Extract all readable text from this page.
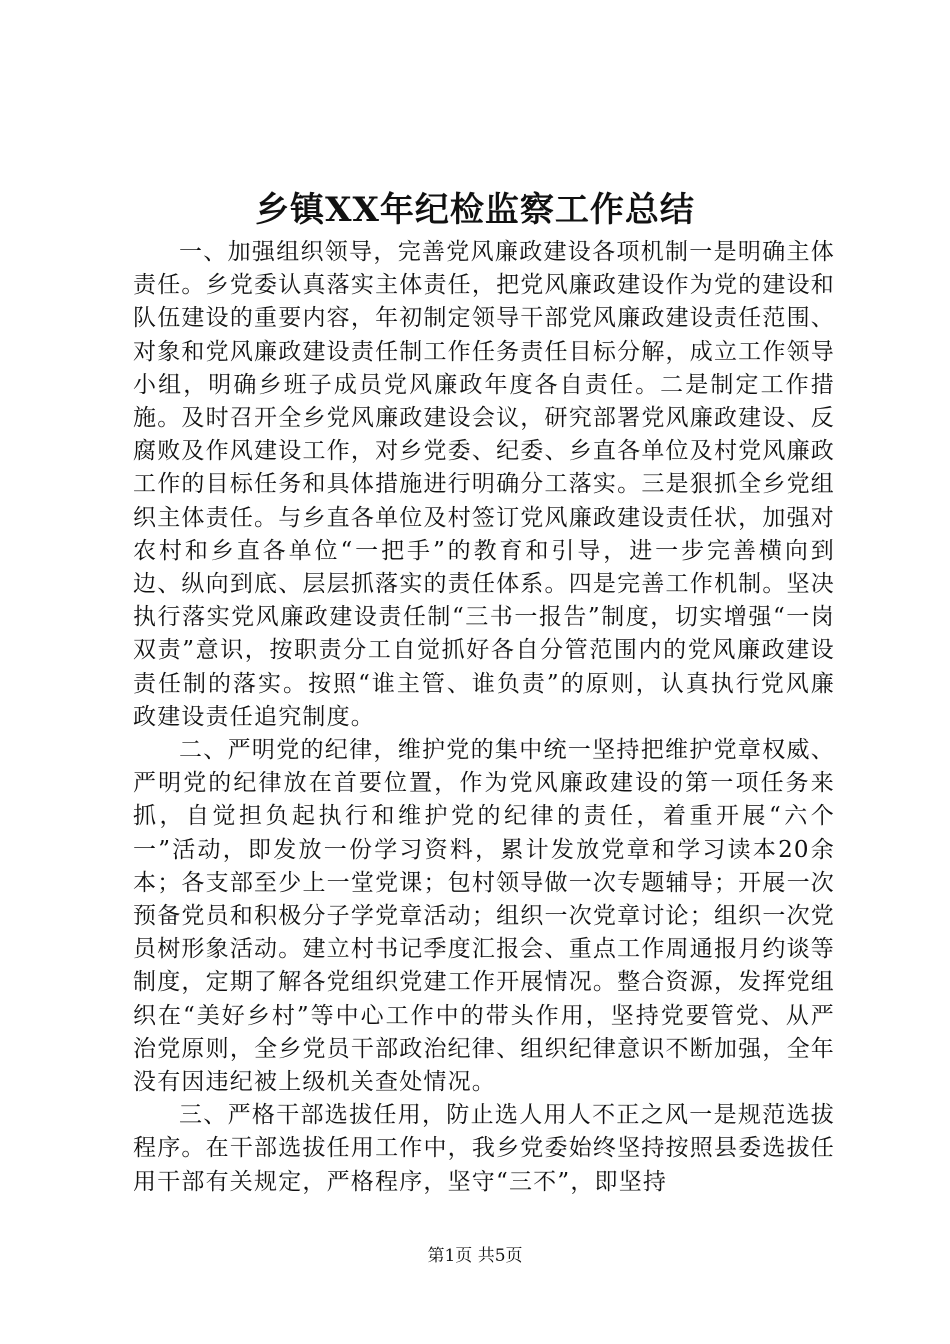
乡镇XX年纪检监察工作总结

一、加强组织领导，完善党风廉政建设各项机制一是明确主体责任。乡党委认真落实主体责任，把党风廉政建设作为党的建设和队伍建设的重要内容，年初制定领导干部党风廉政建设责任范围、对象和党风廉政建设责任制工作任务责任目标分解，成立工作领导小组，明确乡班子成员党风廉政年度各自责任。二是制定工作措施。及时召开全乡党风廉政建设会议，研究部署党风廉政建设、反腐败及作风建设工作，对乡党委、纪委、乡直各单位及村党风廉政工作的目标任务和具体措施进行明确分工落实。三是狠抓全乡党组织主体责任。与乡直各单位及村签订党风廉政建设责任状，加强对农村和乡直各单位“一把手”的教育和引导，进一步完善横向到边、纵向到底、层层抓落实的责任体系。四是完善工作机制。坚决执行落实党风廉政建设责任制“三书一报告”制度，切实增强“一岗双责”意识，按职责分工自觉抓好各自分管范围内的党风廉政建设责任制的落实。按照“谁主管、谁负责”的原则，认真执行党风廉政建设责任追究制度。

二、严明党的纪律，维护党的集中统一坚持把维护党章权威、严明党的纪律放在首要位置，作为党风廉政建设的第一项任务来抓，自觉担负起执行和维护党的纪律的责任，着重开展“六个一”活动，即发放一份学习资料，累计发放党章和学习读本20余本；各支部至少上一堂党课；包村领导做一次专题辅导；开展一次预备党员和积极分子学党章活动；组织一次党章讨论；组织一次党员树形象活动。建立村书记季度汇报会、重点工作周通报月约谈等制度，定期了解各党组织党建工作开展情况。整合资源，发挥党组织在“美好乡村”等中心工作中的带头作用，坚持党要管党、从严治党原则，全乡党员干部政治纪律、组织纪律意识不断加强，全年没有因违纪被上级机关查处情况。

三、严格干部选拔任用，防止选人用人不正之风一是规范选拔程序。在干部选拔任用工作中，我乡党委始终坚持按照县委选拔任用干部有关规定，严格程序，坚守“三不”，即坚持

第1页 共5页
